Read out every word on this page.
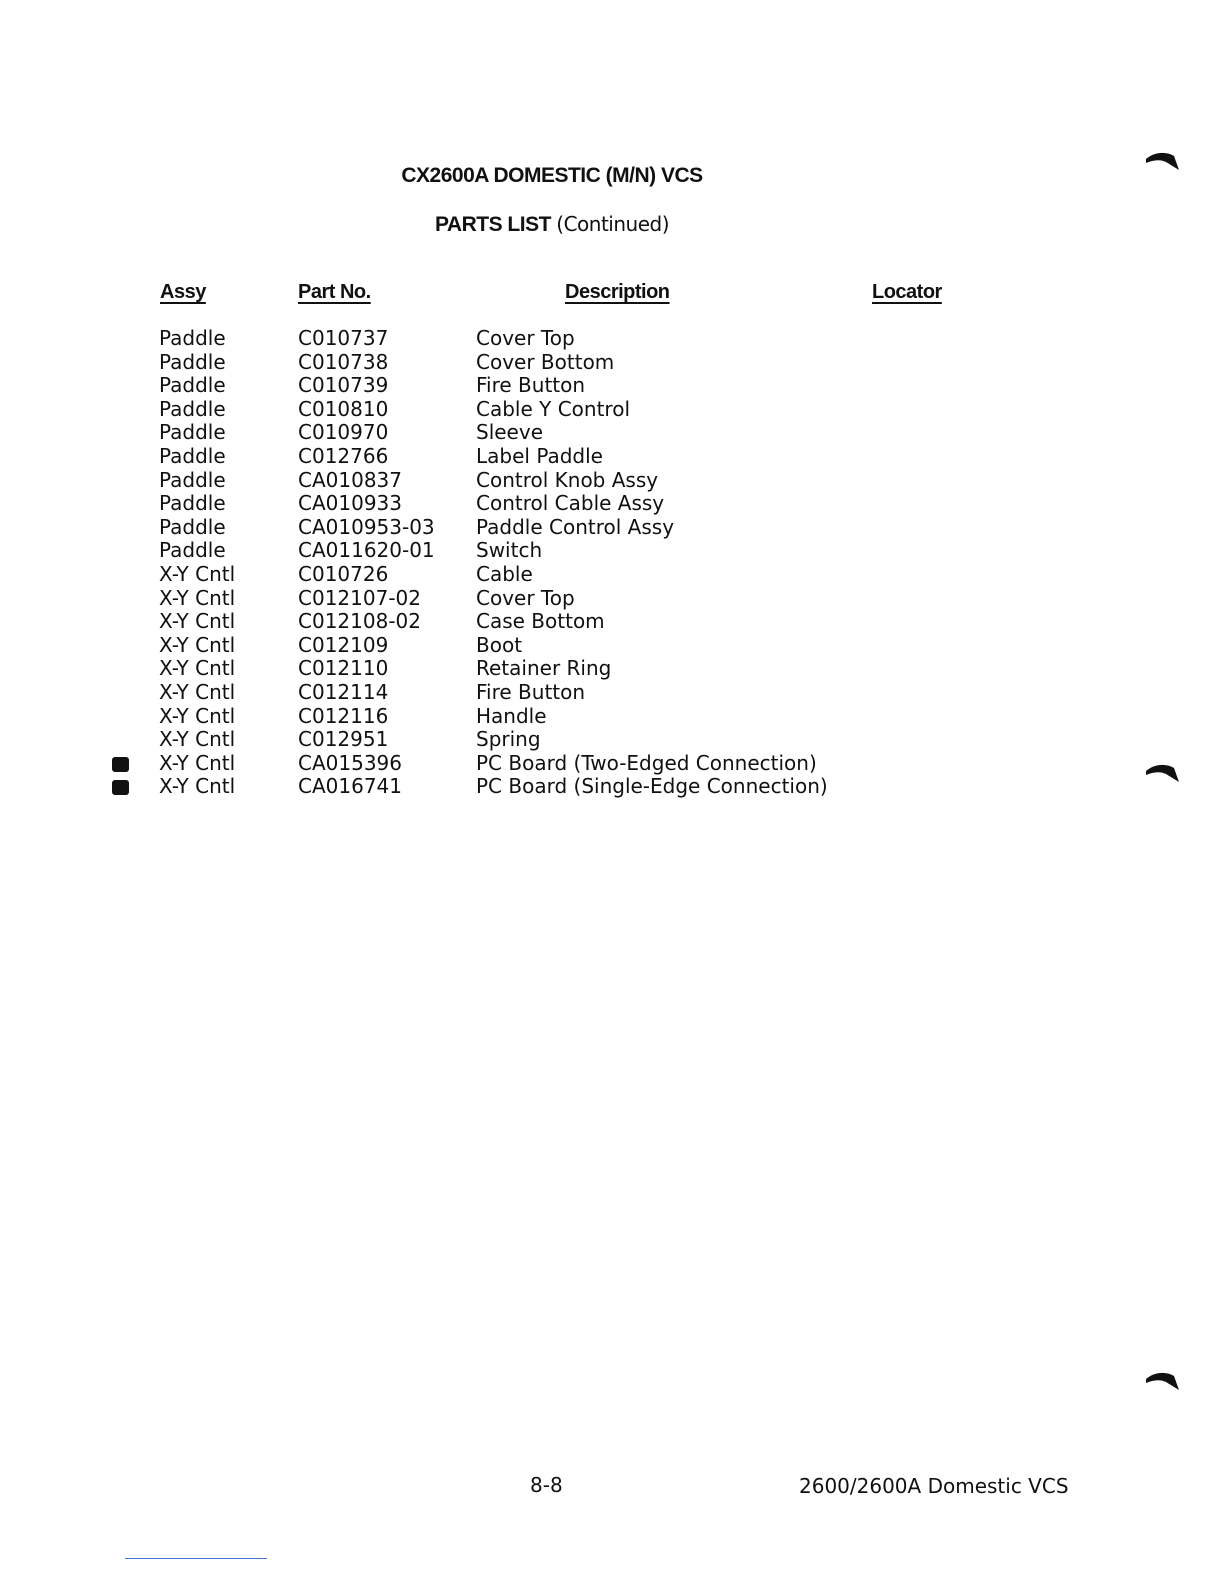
CX2600A DOMESTIC (M/N) VCS
PARTS LIST (Continued)
Assy	Part No.	Description	Locator
Paddle	C010737	Cover Top
Paddle	C010738	Cover Bottom
Paddle	C010739	Fire Button
Paddle	C010810	Cable Y Control
Paddle	C010970	Sleeve
Paddle	C012766	Label Paddle
Paddle	CA010837	Control Knob Assy
Paddle	CA010933	Control Cable Assy
Paddle	CA010953-03 Paddle Control Assy
Paddle	CA011620-01 Switch
X-Y Cntl	C010726	Cable
X-Y Cntl	C012107-02	Cover Top
X-Y Cntl	C012108-02	Case Bottom
X-Y Cntl	C012109	Boot
X-Y Cntl	C012110	Retainer Ring
X-Y Cntl	C012114	Fire Button
X-Y Cntl	C012116	Handle
X-Y Cntl	C012951	Spring
X-Y Cntl	CA015396	PC Board (Two-Edged Connection)
X-Y Cntl	CA016741	PC Board (Single-Edge Connection)
8-8	2600/2600A Domestic VCS
